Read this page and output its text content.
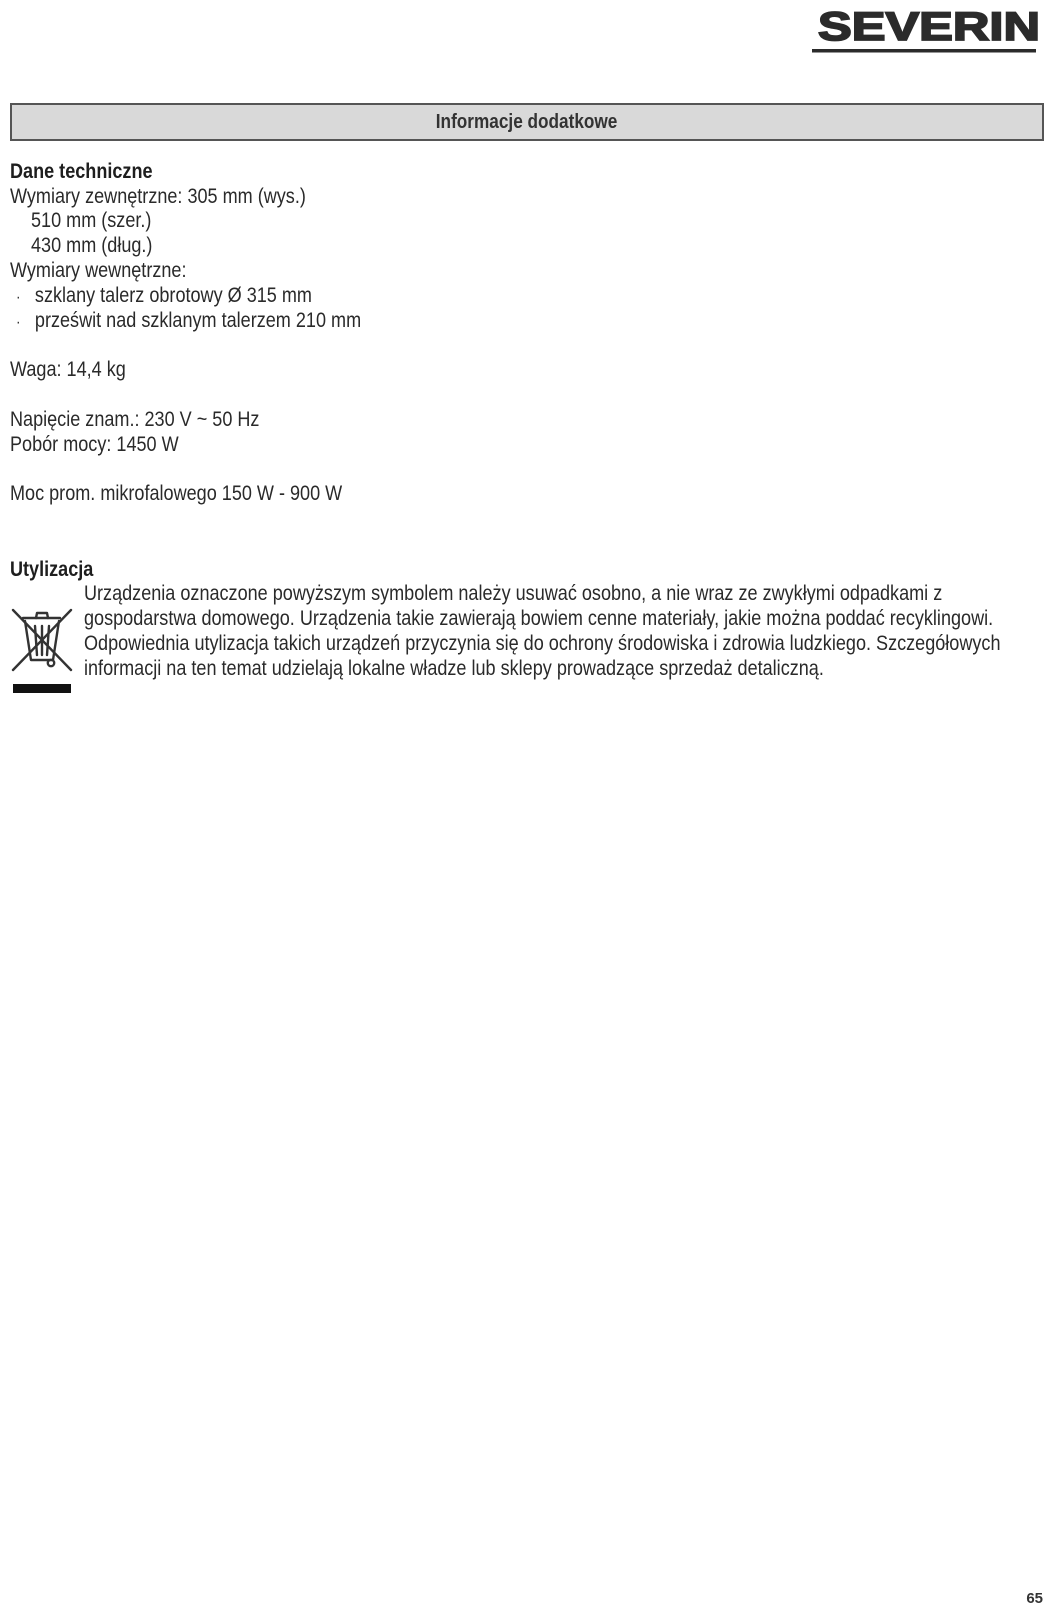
SEVERIN
Informacje dodatkowe
Dane techniczne
Wymiary zewnętrzne: 305 mm (wys.)
510 mm (szer.)
430 mm (dług.)
Wymiary wewnętrzne:
· szklany talerz obrotowy Ø 315 mm
· prześwit nad szklanym talerzem 210 mm
Waga: 14,4 kg
Napięcie znam.: 230 V ~ 50 Hz
Pobór mocy: 1450 W
Moc prom. mikrofalowego 150 W - 900 W
Utylizacja
Urządzenia oznaczone powyższym symbolem należy usuwać osobno, a nie wraz ze zwykłymi odpadkami z
gospodarstwa domowego. Urządzenia takie zawierają bowiem cenne materiały, jakie można poddać recyklingowi.
Odpowiednia utylizacja takich urządzeń przyczynia się do ochrony środowiska i zdrowia ludzkiego. Szczegółowych
informacji na ten temat udzielają lokalne władze lub sklepy prowadzące sprzedaż detaliczną.
65
